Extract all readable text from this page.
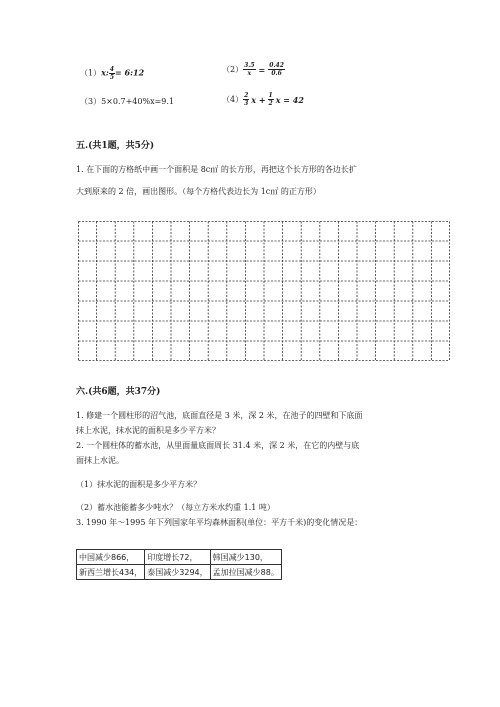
（1）x: $\frac{4}{5}$ = 6:12	$(2) \frac{3.5}{x} = \frac{0.42}{0.6}$
（3）5×0.7+40%x=9.1	$(4) \frac{2}{3}$ $x + \frac{1}{2}$ x = 42
五.(共1题，共5分)
1. 在下面的方格纸中画一个面积是 8c㎡ 的长方形，再把这个长方形的各边长扩
大到原来的 2 倍，画出图形。（每个方格代表边长为 1c㎡ 的正方形）
六.(共6题，共37分)
1. 修建一个圆柱形的沼气池，底面直径是 3 米，深 2 米，在池子的四壁和下底面
抹上水泥，抹水泥的面积是多少平方米？
2. 一个圆柱体的蓄水池，从里面量底面周长 31.4 米，深 2 米，在它的内壁与底
面抹上水泥。
（1）抹水泥的面积是多少平方米？
（2）蓄水池能蓄多少吨水？（每立方米水约重 1.1 吨）
3. 1990 年～1995 年下列国家年平均森林面积(单位：平方千米)的变化情况是：
中国减少866，	印度增长72，	韩国减少130，
新西兰增长434，	泰国减少3294，	孟加拉国减少88。
